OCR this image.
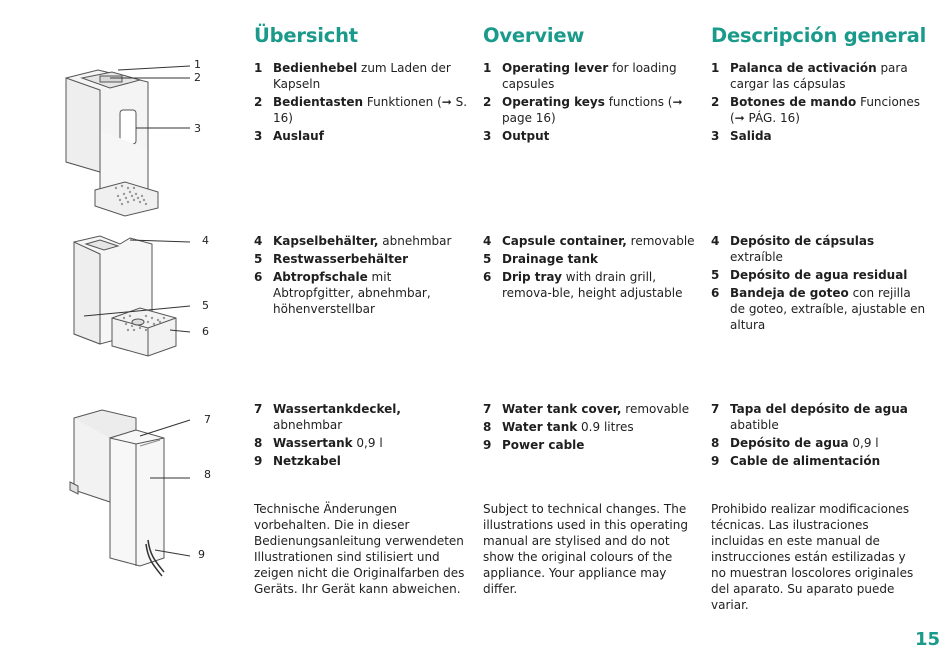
1
2
3
4
5
6
7
8
9
Übersicht	Overview	Descripción general
1 Bedienhebel zum Laden der Kapseln
2 Bedientasten Funktionen (➞ S. 16)
3 Auslauf
1 Operating lever for loading capsules
2 Operating keys functions (➞ page 16)
3 Output
1 Palanca de activación para cargar las cápsulas
2 Botones de mando Funciones (➞ PÁG. 16)
3 Salida
4 Kapselbehälter, abnehmbar
5 Restwasserbehälter
6 Abtropfschale mit Abtropfgitter, abnehmbar, höhenverstellbar
4 Capsule container, removable
5 Drainage tank
6 Drip tray with drain grill, remova-ble, height adjustable
4 Depósito de cápsulas extraíble
5 Depósito de agua residual
6 Bandeja de goteo con rejilla de goteo, extraíble, ajustable en altura
7 Wassertankdeckel, abnehmbar
8 Wassertank 0,9 l
9 Netzkabel
7 Water tank cover, removable
8 Water tank 0.9 litres
9 Power cable
7 Tapa del depósito de agua abatible
8 Depósito de agua 0,9 l
9 Cable de alimentación
Technische Änderungen vorbehalten. Die in dieser Bedienungsanleitung verwendeten Illustrationen sind stilisiert und zeigen nicht die Originalfarben des Geräts. Ihr Gerät kann abweichen.
Subject to technical changes. The illustrations used in this operating manual are stylised and do not show the original colours of the appliance. Your appliance may differ.
Prohibido realizar modificaciones técnicas. Las ilustraciones incluidas en este manual de instrucciones están estilizadas y no muestran loscolores originales del aparato. Su aparato puede variar.
15
